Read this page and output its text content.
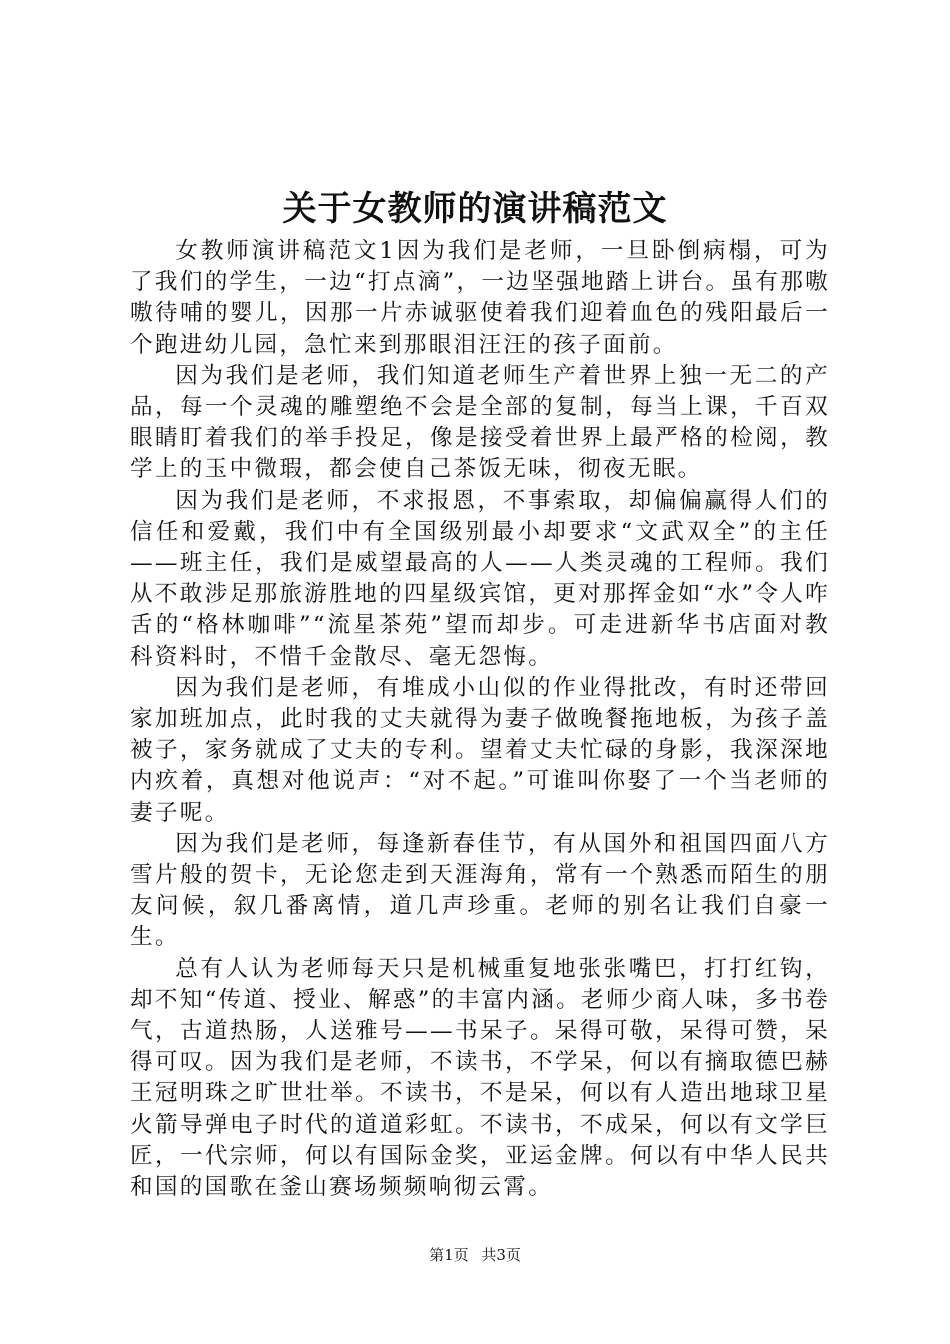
关于女教师的演讲稿范文

女教师演讲稿范文1因为我们是老师，一旦卧倒病榻，可为了我们的学生，一边“打点滴”，一边坚强地踏上讲台。虽有那嗷嗷待哺的婴儿，因那一片赤诚驱使着我们迎着血色的残阳最后一个跑进幼儿园，急忙来到那眼泪汪汪的孩子面前。

因为我们是老师，我们知道老师生产着世界上独一无二的产品，每一个灵魂的雕塑绝不会是全部的复制，每当上课，千百双眼睛盯着我们的举手投足，像是接受着世界上最严格的检阅，教学上的玉中微瑕，都会使自己茶饭无味，彻夜无眠。

因为我们是老师，不求报恩，不事索取，却偏偏赢得人们的信任和爱戴，我们中有全国级别最小却要求“文武双全”的主任——班主任，我们是威望最高的人——人类灵魂的工程师。我们从不敢涉足那旅游胜地的四星级宾馆，更对那挥金如“水”令人咋舌的“格林咖啡”“流星茶苑”望而却步。可走进新华书店面对教科资料时，不惜千金散尽、毫无怨悔。

因为我们是老师，有堆成小山似的作业得批改，有时还带回家加班加点，此时我的丈夫就得为妻子做晚餐拖地板，为孩子盖被子，家务就成了丈夫的专利。望着丈夫忙碌的身影，我深深地内疚着，真想对他说声：“对不起。”可谁叫你娶了一个当老师的妻子呢。

因为我们是老师，每逢新春佳节，有从国外和祖国四面八方雪片般的贺卡，无论您走到天涯海角，常有一个熟悉而陌生的朋友问候，叙几番离情，道几声珍重。老师的别名让我们自豪一生。

总有人认为老师每天只是机械重复地张张嘴巴，打打红钩，却不知“传道、授业、解惑”的丰富内涵。老师少商人味，多书卷气，古道热肠，人送雅号——书呆子。呆得可敬，呆得可赞，呆得可叹。因为我们是老师，不读书，不学呆，何以有摘取德巴赫王冠明珠之旷世壮举。不读书，不是呆，何以有人造出地球卫星火箭导弹电子时代的道道彩虹。不读书，不成呆，何以有文学巨匠，一代宗师，何以有国际金奖，亚运金牌。何以有中华人民共和国的国歌在釜山赛场频频响彻云霄。

第1页 共3页
